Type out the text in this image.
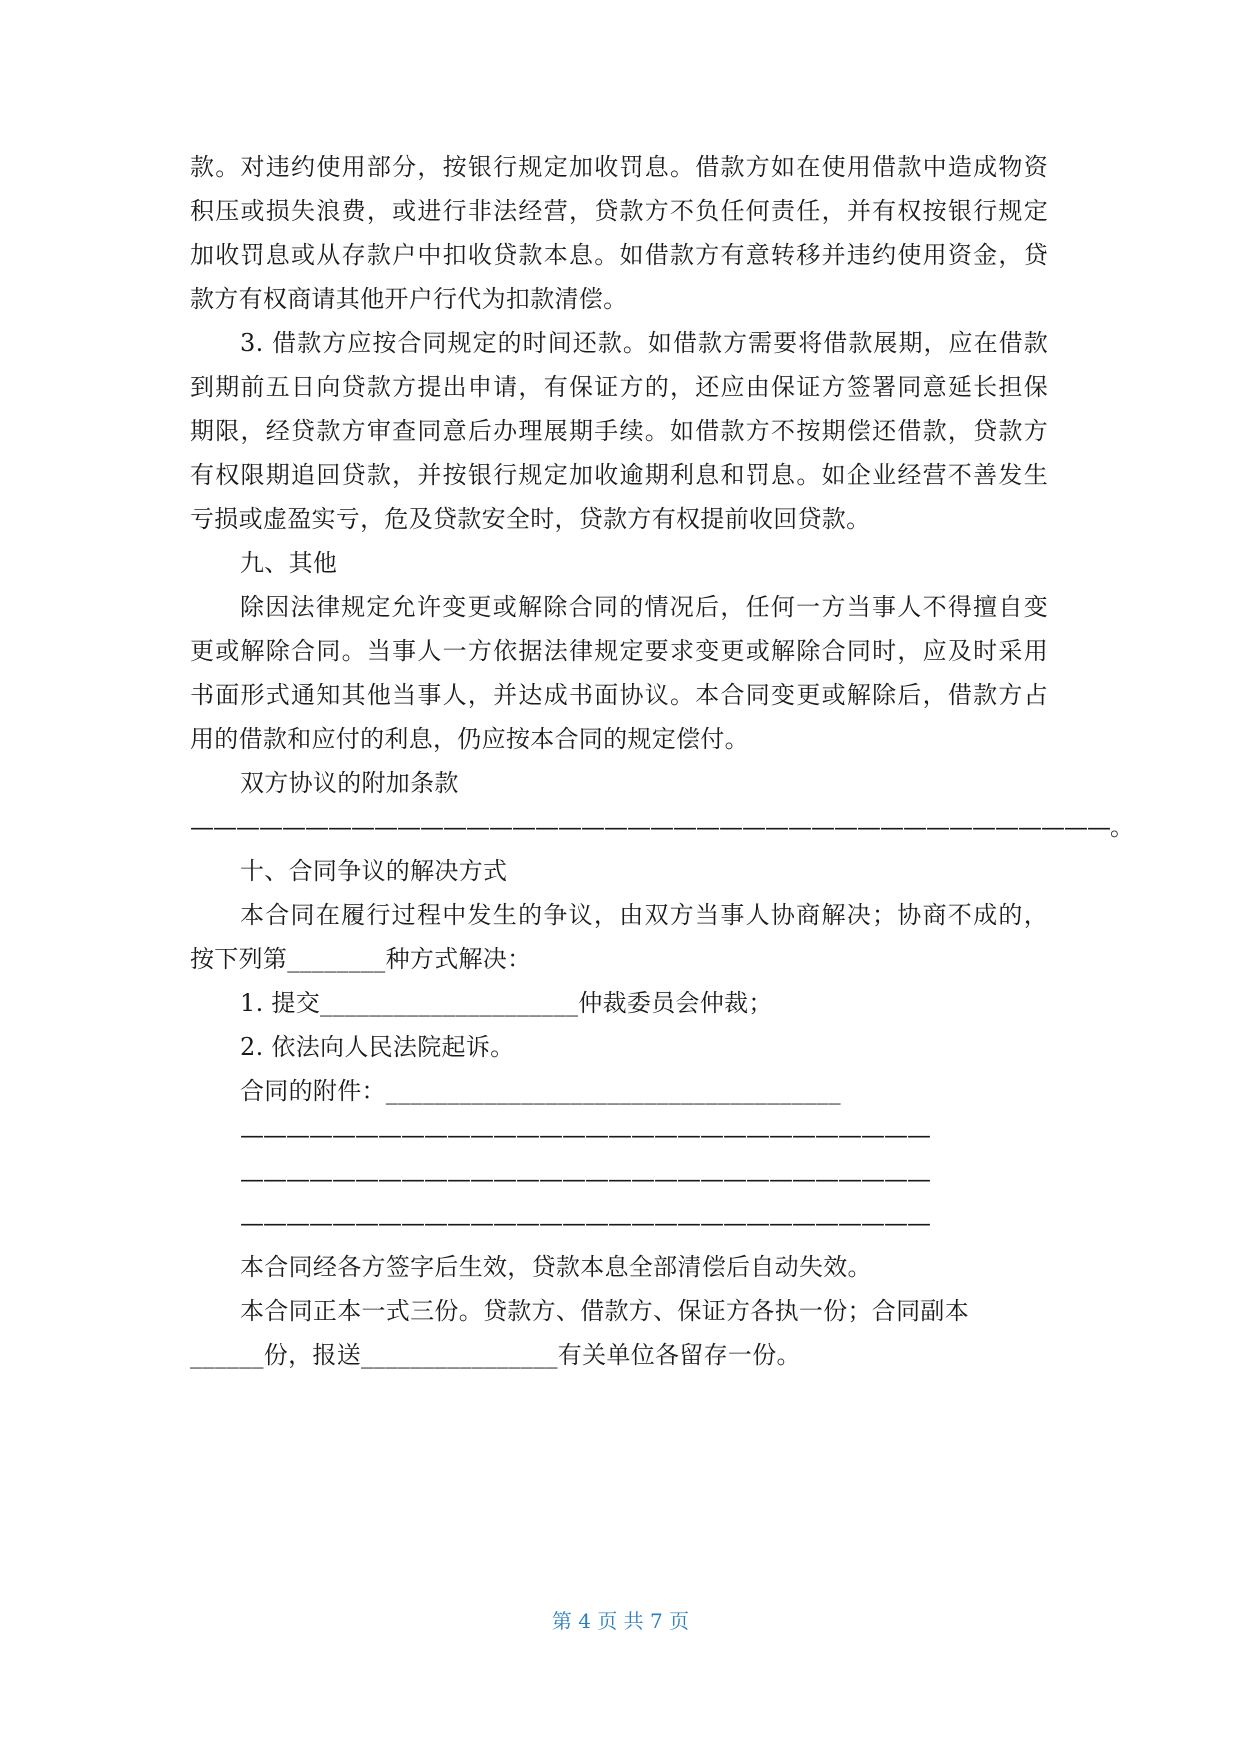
款。对违约使用部分，按银行规定加收罚息。借款方如在使用借款中造成物资
积压或损失浪费，或进行非法经营，贷款方不负任何责任，并有权按银行规定
加收罚息或从存款户中扣收贷款本息。如借款方有意转移并违约使用资金，贷
款方有权商请其他开户行代为扣款清偿。
3. 借款方应按合同规定的时间还款。如借款方需要将借款展期，应在借款
到期前五日向贷款方提出申请，有保证方的，还应由保证方签署同意延长担保
期限，经贷款方审查同意后办理展期手续。如借款方不按期偿还借款，贷款方
有权限期追回贷款，并按银行规定加收逾期利息和罚息。如企业经营不善发生
亏损或虚盈实亏，危及贷款安全时，贷款方有权提前收回贷款。
九、其他
除因法律规定允许变更或解除合同的情况后，任何一方当事人不得擅自变
更或解除合同。当事人一方依据法律规定要求变更或解除合同时，应及时采用
书面形式通知其他当事人，并达成书面协议。本合同变更或解除后，借款方占
用的借款和应付的利息，仍应按本合同的规定偿付。
双方协议的附加条款
————————————————————————————————————————。
十、合同争议的解决方式
本合同在履行过程中发生的争议，由双方当事人协商解决；协商不成的，
按下列第________种方式解决：
1. 提交_____________________仲裁委员会仲裁；
2. 依法向人民法院起诉。
合同的附件：_____________________________________
——————————————————————————————
——————————————————————————————
——————————————————————————————
本合同经各方签字后生效，贷款本息全部清偿后自动失效。
本合同正本一式三份。贷款方、借款方、保证方各执一份；合同副本
______份，报送________________有关单位各留存一份。
第 4 页 共 7 页
